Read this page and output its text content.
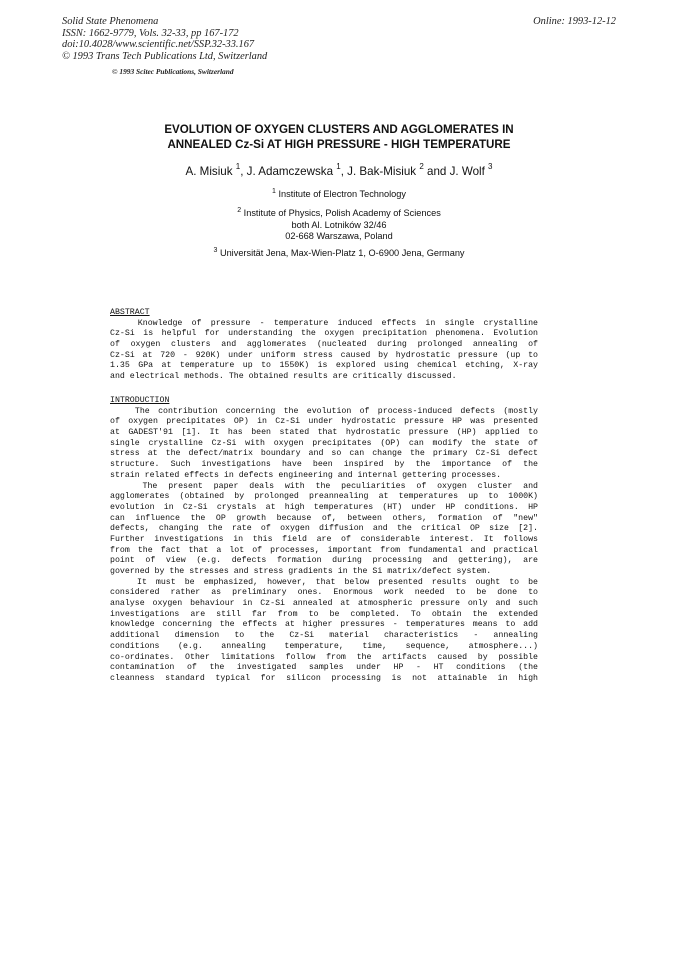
Solid State Phenomena
ISSN: 1662-9779, Vols. 32-33, pp 167-172
doi:10.4028/www.scientific.net/SSP.32-33.167
© 1993 Trans Tech Publications Ltd, Switzerland
Online: 1993-12-12
© 1993 Scitec Publications, Switzerland
EVOLUTION OF OXYGEN CLUSTERS AND AGGLOMERATES IN
ANNEALED Cz-Si AT HIGH PRESSURE - HIGH TEMPERATURE
A. Misiuk $^1$, J. Adamczewska $^1$, J. Bak-Misiuk $^2$ and J. Wolf $^3$
$^1$ Institute of Electron Technology
$^2$ Institute of Physics, Polish Academy of Sciences
both Al. Lotników 32/46
02-668 Warszawa, Poland
$^3$ Universität Jena, Max-Wien-Platz 1, O-6900 Jena, Germany
ABSTRACT
Knowledge of pressure - temperature induced effects in single crystalline
Cz-Si is helpful for understanding the oxygen precipitation phenomena. Evolution
of oxygen clusters and agglomerates (nucleated during prolonged annealing of
Cz-Si at 720 - 920K) under uniform stress caused by hydrostatic pressure (up to
1.35 GPa at temperature up to 1550K) is explored using chemical etching, X-ray
and electrical methods. The obtained results are critically discussed.
INTRODUCTION
The contribution concerning the evolution of process-induced defects (mostly
of oxygen precipitates OP) in Cz-Si under hydrostatic pressure HP was presented
at GADEST'91 [1]. It has been stated that hydrostatic pressure (HP) applied to
single crystalline Cz-Si with oxygen precipitates (OP) can modify the state of
stress at the defect/matrix boundary and so can change the primary Cz-Si defect
structure. Such investigations have been inspired by the importance of the
strain related effects in defects engineering and internal gettering processes.
The present paper deals with the peculiarities of oxygen cluster and
agglomerates (obtained by prolonged preannealing at temperatures up to 1000K)
evolution in Cz-Si crystals at high temperatures (HT) under HP conditions. HP
can influence the OP growth because of, between others, formation of "new"
defects, changing the rate of oxygen diffusion and the critical OP size [2].
Further investigations in this field are of considerable interest. It follows
from the fact that a lot of processes, important from fundamental and practical
point of view (e.g. defects formation during processing and gettering), are
governed by the stresses and stress gradients in the Si matrix/defect system.
It must be emphasized, however, that below presented results ought to be
considered rather as preliminary ones. Enormous work needed to be done to
analyse oxygen behaviour in Cz-Si annealed at atmospheric pressure only and such
investigations are still far from to be completed. To obtain the extended
knowledge concerning the effects at higher pressures - temperatures means to add
additional dimension to the Cz-Si material characteristics - annealing
conditions (e.g. annealing temperature, time, sequence, atmosphere...)
co-ordinates. Other limitations follow from the artifacts caused by possible
contamination of the investigated samples under HP - HT conditions (the
cleanness standard typical for silicon processing is not attainable in high
